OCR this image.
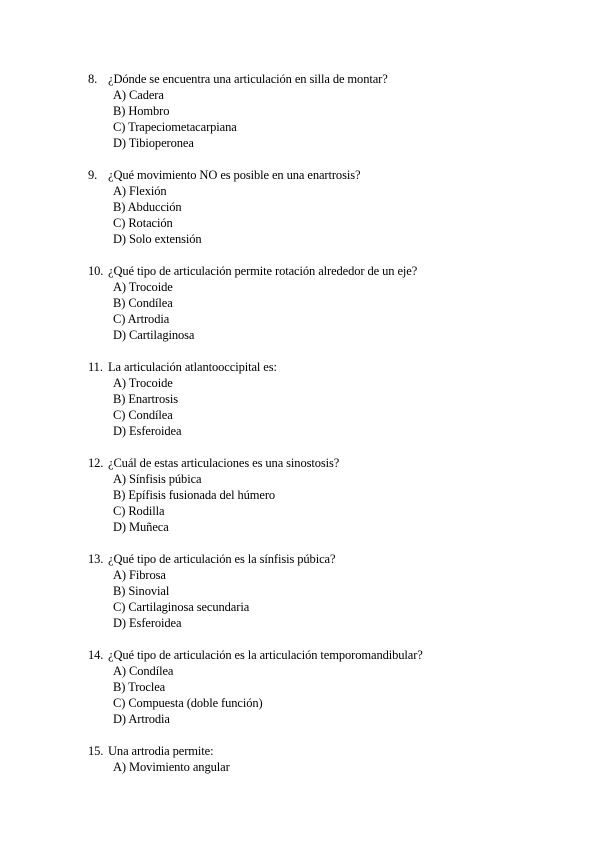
8. ¿Dónde se encuentra una articulación en silla de montar?
A) Cadera
B) Hombro
C) Trapeciometacarpiana
D) Tibioperonea
9. ¿Qué movimiento NO es posible en una enartrosis?
A) Flexión
B) Abducción
C) Rotación
D) Solo extensión
10. ¿Qué tipo de articulación permite rotación alrededor de un eje?
A) Trocoide
B) Condílea
C) Artrodia
D) Cartilaginosa
11. La articulación atlantooccipital es:
A) Trocoide
B) Enartrosis
C) Condílea
D) Esferoidea
12. ¿Cuál de estas articulaciones es una sinostosis?
A) Sínfisis púbica
B) Epífisis fusionada del húmero
C) Rodilla
D) Muñeca
13. ¿Qué tipo de articulación es la sínfisis púbica?
A) Fibrosa
B) Sinovial
C) Cartilaginosa secundaria
D) Esferoidea
14. ¿Qué tipo de articulación es la articulación temporomandibular?
A) Condílea
B) Troclea
C) Compuesta (doble función)
D) Artrodia
15. Una artrodia permite:
A) Movimiento angular
